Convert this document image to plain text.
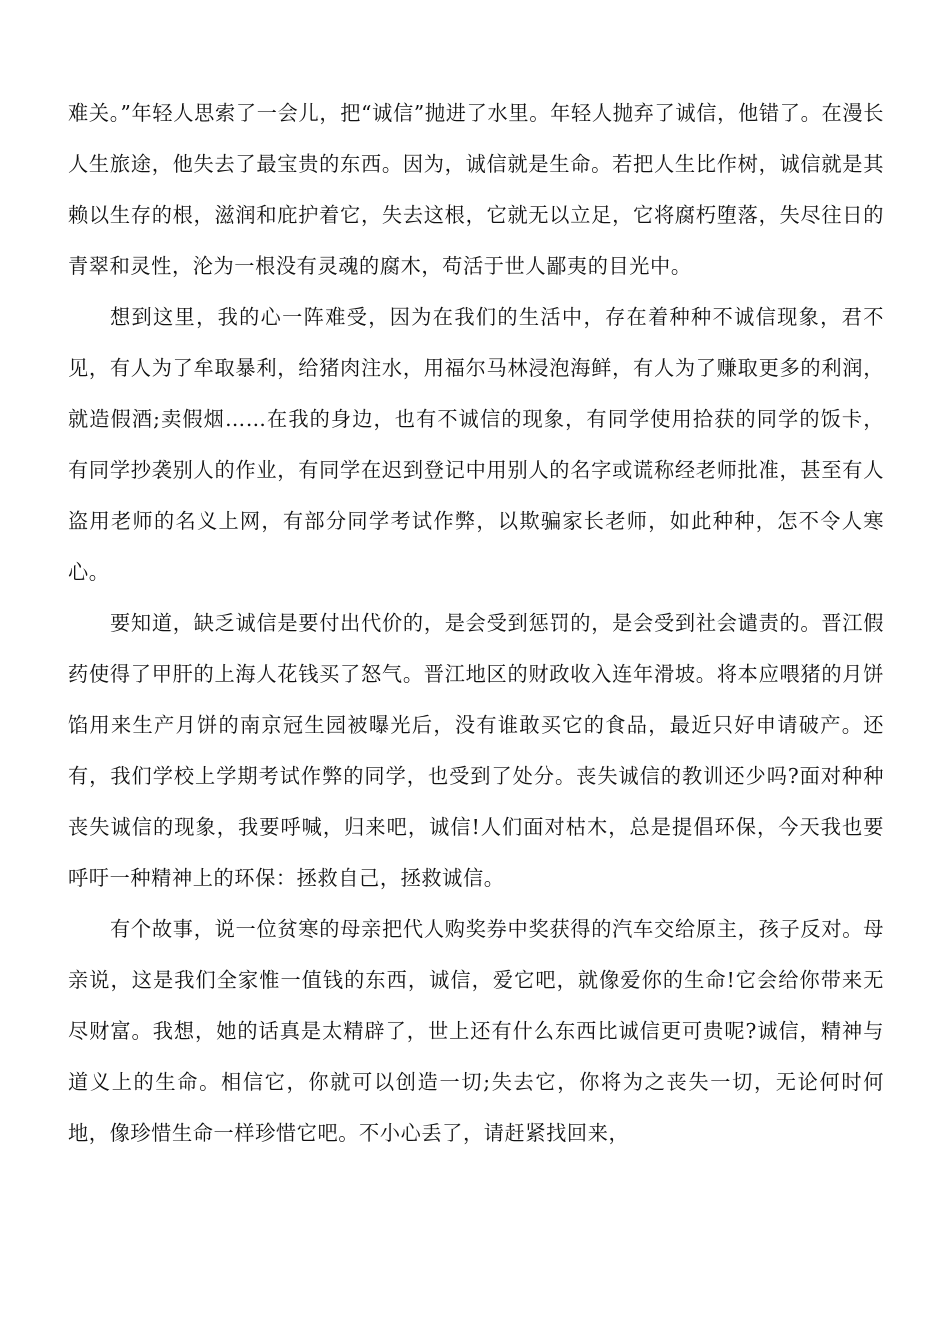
难关。”年轻人思索了一会儿，把“诚信”抛进了水里。年轻人抛弃了诚信，他错了。在漫长人生旅途，他失去了最宝贵的东西。因为，诚信就是生命。若把人生比作树，诚信就是其赖以生存的根，滋润和庇护着它，失去这根，它就无以立足，它将腐朽堕落，失尽往日的青翠和灵性，沦为一根没有灵魂的腐木，苟活于世人鄙夷的目光中。

想到这里，我的心一阵难受，因为在我们的生活中，存在着种种不诚信现象，君不见，有人为了牟取暴利，给猪肉注水，用福尔马林浸泡海鲜，有人为了赚取更多的利润，就造假酒;卖假烟……在我的身边，也有不诚信的现象，有同学使用拾获的同学的饭卡，有同学抄袭别人的作业，有同学在迟到登记中用别人的名字或谎称经老师批准，甚至有人盗用老师的名义上网，有部分同学考试作弊，以欺骗家长老师，如此种种，怎不令人寒心。

要知道，缺乏诚信是要付出代价的，是会受到惩罚的，是会受到社会谴责的。晋江假药使得了甲肝的上海人花钱买了怒气。晋江地区的财政收入连年滑坡。将本应喂猪的月饼馅用来生产月饼的南京冠生园被曝光后，没有谁敢买它的食品，最近只好申请破产。还有，我们学校上学期考试作弊的同学，也受到了处分。丧失诚信的教训还少吗?面对种种丧失诚信的现象，我要呼喊，归来吧，诚信!人们面对枯木，总是提倡环保，今天我也要呼吁一种精神上的环保：拯救自己，拯救诚信。

有个故事，说一位贫寒的母亲把代人购奖券中奖获得的汽车交给原主，孩子反对。母亲说，这是我们全家惟一值钱的东西，诚信，爱它吧，就像爱你的生命!它会给你带来无尽财富。我想，她的话真是太精辟了，世上还有什么东西比诚信更可贵呢?诚信，精神与道义上的生命。相信它，你就可以创造一切;失去它，你将为之丧失一切，无论何时何地，像珍惜生命一样珍惜它吧。不小心丢了，请赶紧找回来，
